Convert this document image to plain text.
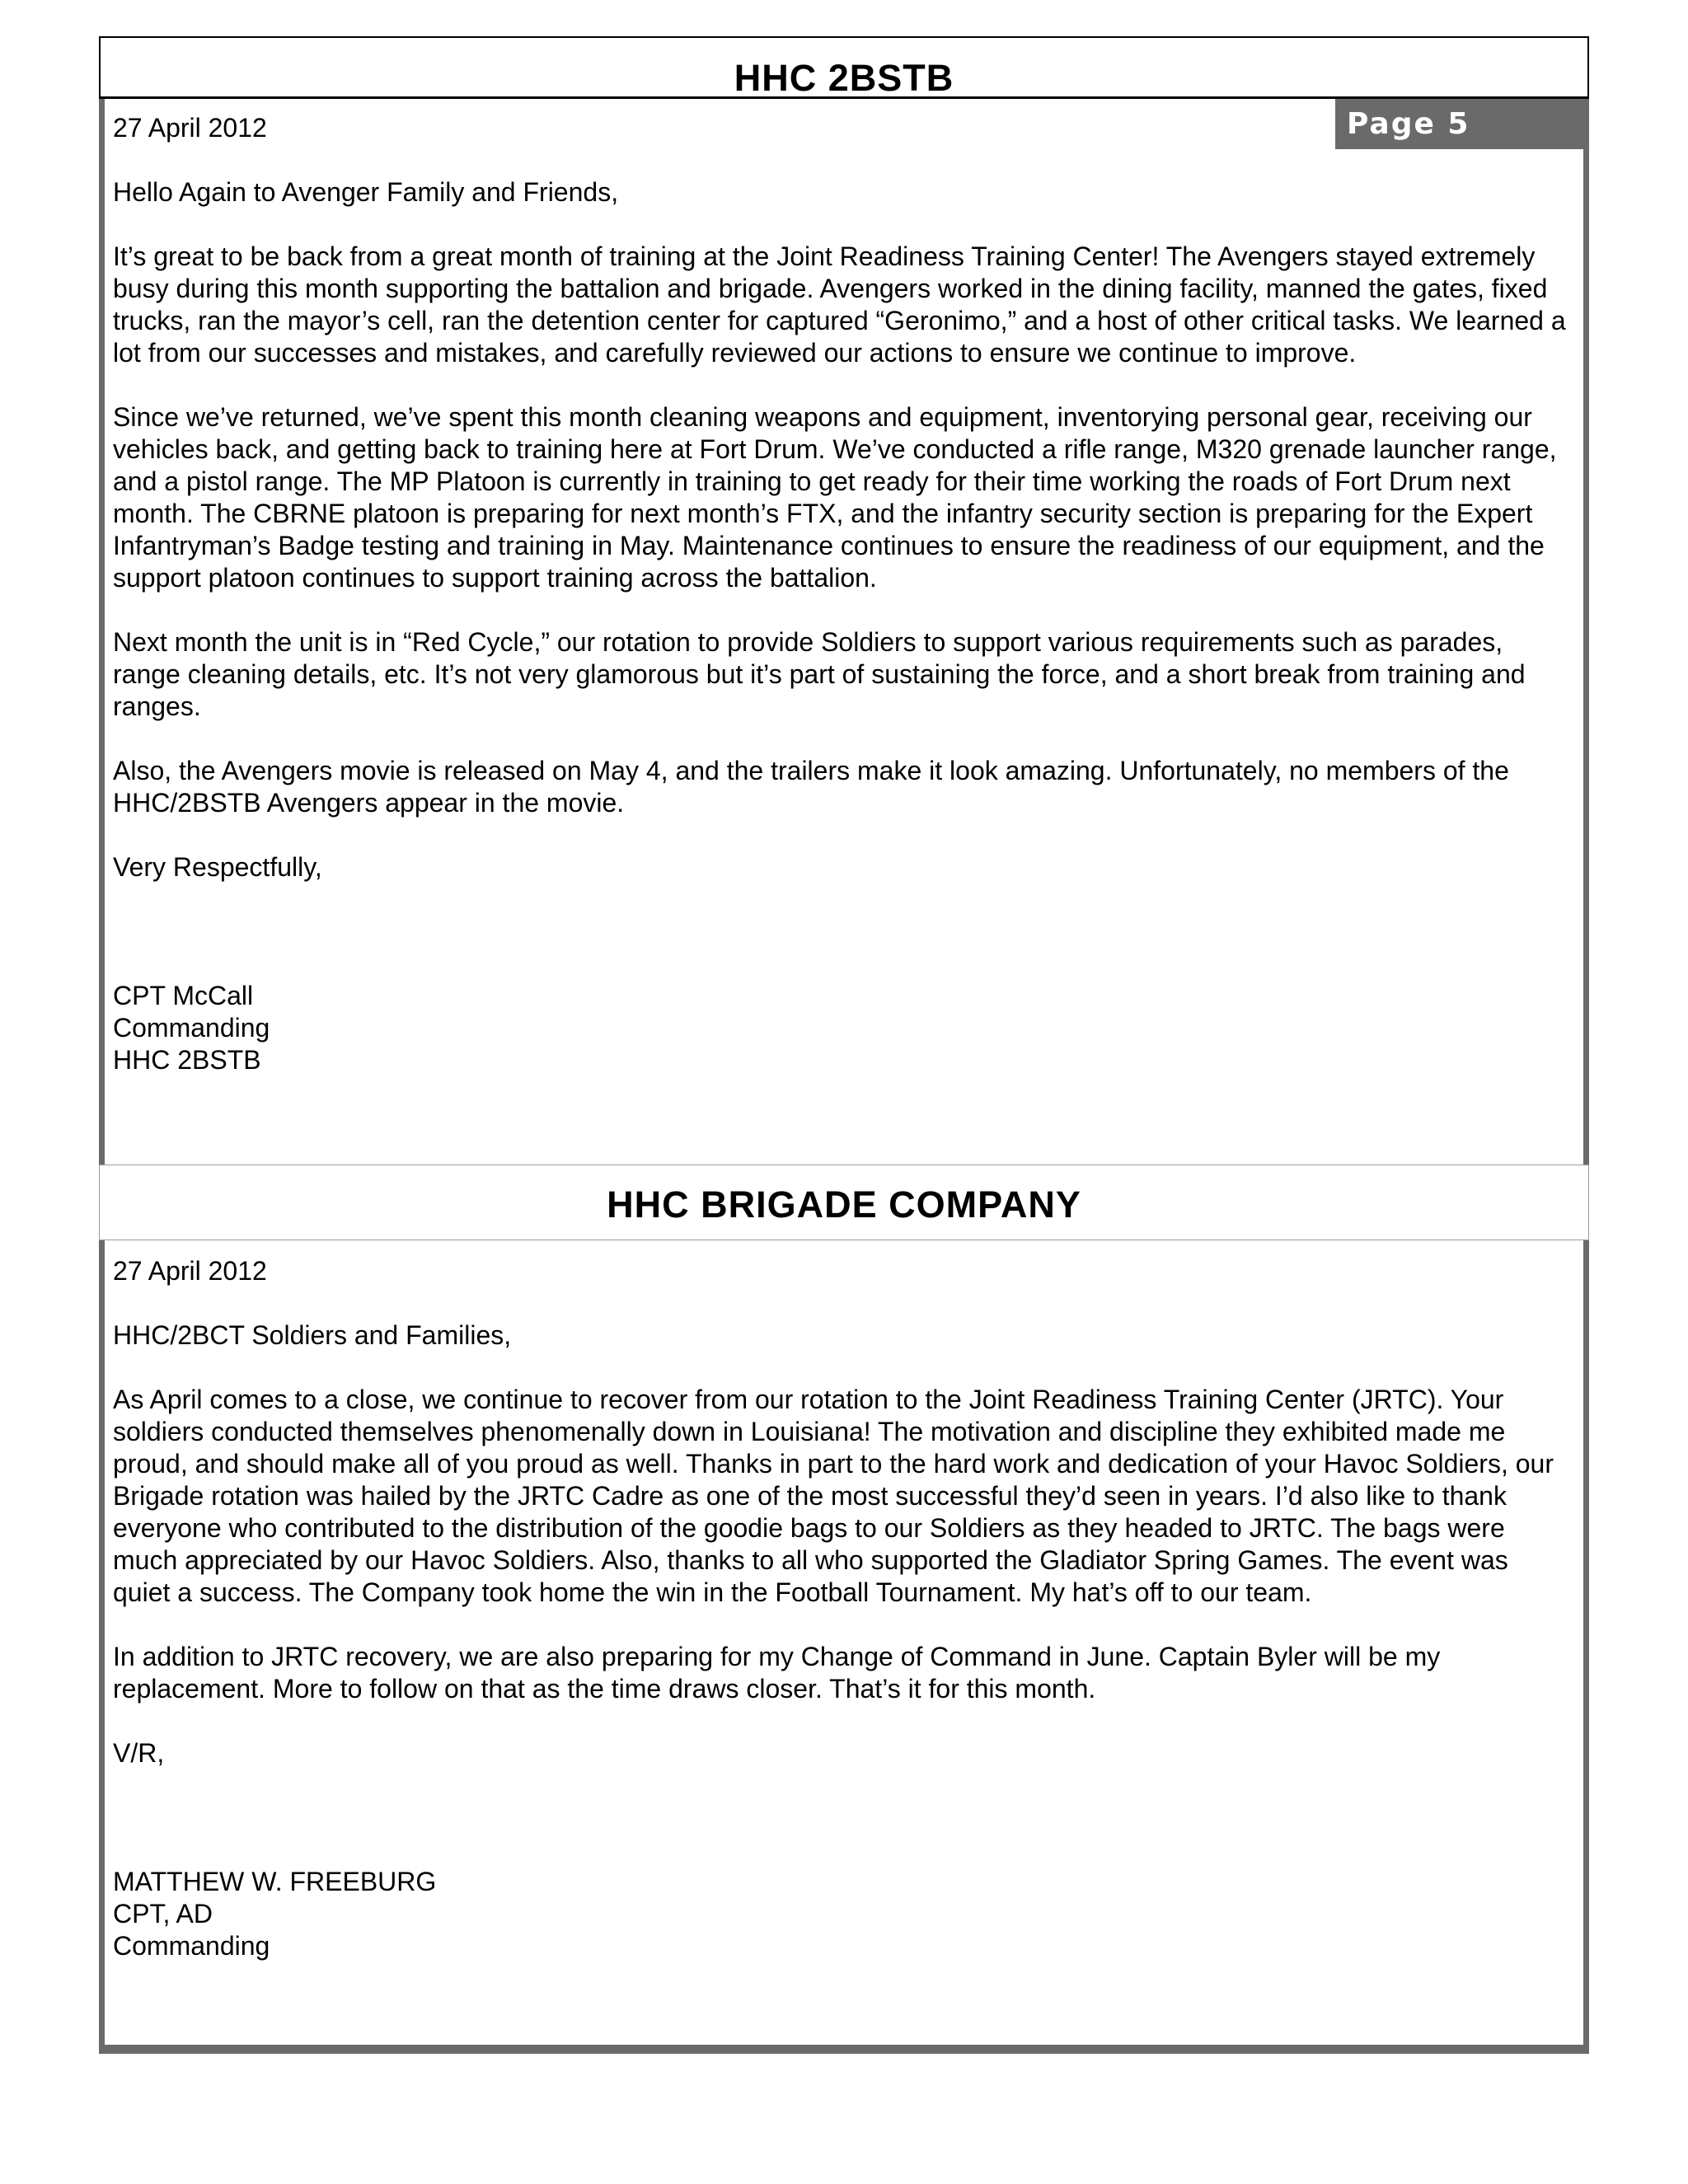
HHC 2BSTB
Page 5

27 April 2012

Hello Again to Avenger Family and Friends,

It’s great to be back from a great month of training at the Joint Readiness Training Center! The Avengers stayed extremely busy during this month supporting the battalion and brigade. Avengers worked in the dining facility, manned the gates, fixed trucks, ran the mayor’s cell, ran the detention center for captured “Geronimo,” and a host of other critical tasks. We learned a lot from our successes and mistakes, and carefully reviewed our actions to ensure we continue to improve.

Since we’ve returned, we’ve spent this month cleaning weapons and equipment, inventorying personal gear, receiving our vehicles back, and getting back to training here at Fort Drum. We’ve conducted a rifle range, M320 grenade launcher range, and a pistol range. The MP Platoon is currently in training to get ready for their time working the roads of Fort Drum next month. The CBRNE platoon is preparing for next month’s FTX, and the infantry security section is preparing for the Expert Infantryman’s Badge testing and training in May. Maintenance continues to ensure the readiness of our equipment, and the support platoon continues to support training across the battalion.

Next month the unit is in “Red Cycle,” our rotation to provide Soldiers to support various requirements such as parades, range cleaning details, etc. It’s not very glamorous but it’s part of sustaining the force, and a short break from training and ranges.

Also, the Avengers movie is released on May 4, and the trailers make it look amazing. Unfortunately, no members of the HHC/2BSTB Avengers appear in the movie.

Very Respectfully,

CPT McCall

Commanding

HHC 2BSTB

HHC BRIGADE COMPANY

27 April 2012

HHC/2BCT Soldiers and Families,

As April comes to a close, we continue to recover from our rotation to the Joint Readiness Training Center (JRTC). Your soldiers conducted themselves phenomenally down in Louisiana! The motivation and discipline they exhibited made me proud, and should make all of you proud as well. Thanks in part to the hard work and dedication of your Havoc Soldiers, our Brigade rotation was hailed by the JRTC Cadre as one of the most successful they’d seen in years. I’d also like to thank everyone who contributed to the distribution of the goodie bags to our Soldiers as they headed to JRTC. The bags were much appreciated by our Havoc Soldiers. Also, thanks to all who supported the Gladiator Spring Games. The event was quiet a success. The Company took home the win in the Football Tournament. My hat’s off to our team.

In addition to JRTC recovery, we are also preparing for my Change of Command in June. Captain Byler will be my replacement. More to follow on that as the time draws closer. That’s it for this month.

V/R,

MATTHEW W. FREEBURG

CPT, AD

Commanding
